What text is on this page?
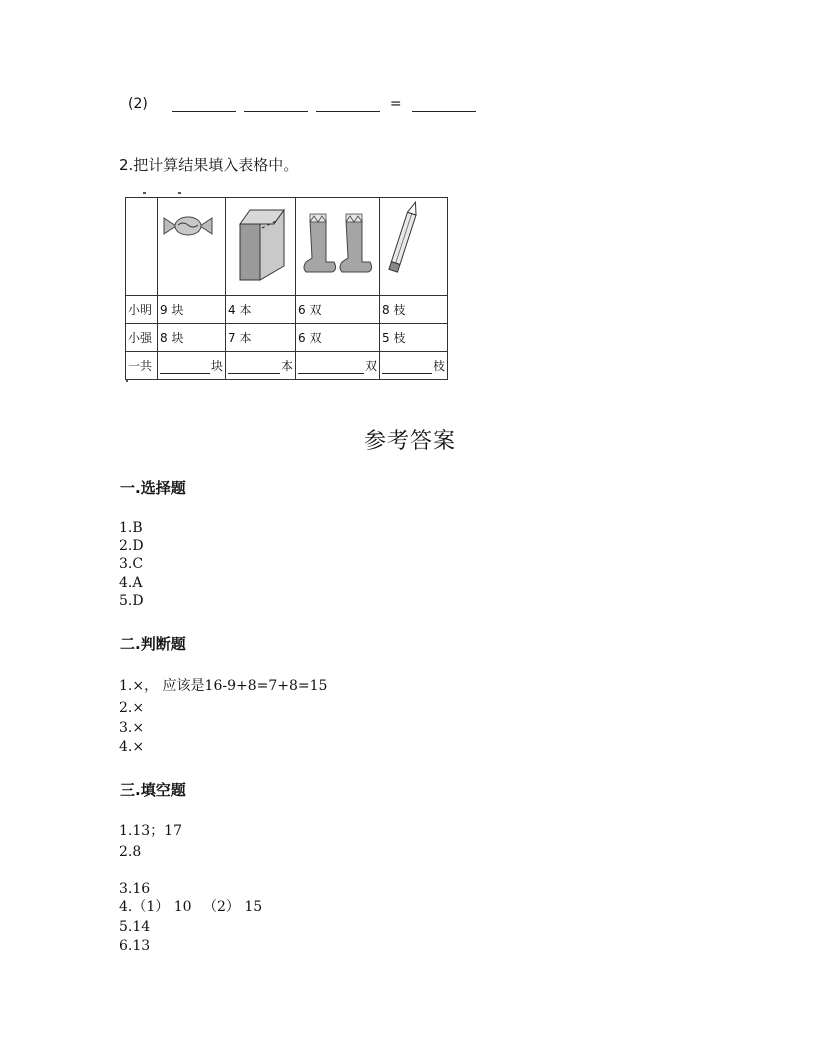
(2)	=
2.把计算结果填入表格中。

小明	9 块	4 本	6 双	8 枝
小强	8 块	7 本	6 双	5 枝
一共	块	本	双	枝
参考答案
一.选择题
1.B
2.D
3.C
4.A
5.D
二.判断题
1.×， 应该是16-9+8=7+8=15
2.×
3.×
4.×
三.填空题
1.13；17
2.8
3.16
4.（1） 10 　（2） 15
5.14
6.13
